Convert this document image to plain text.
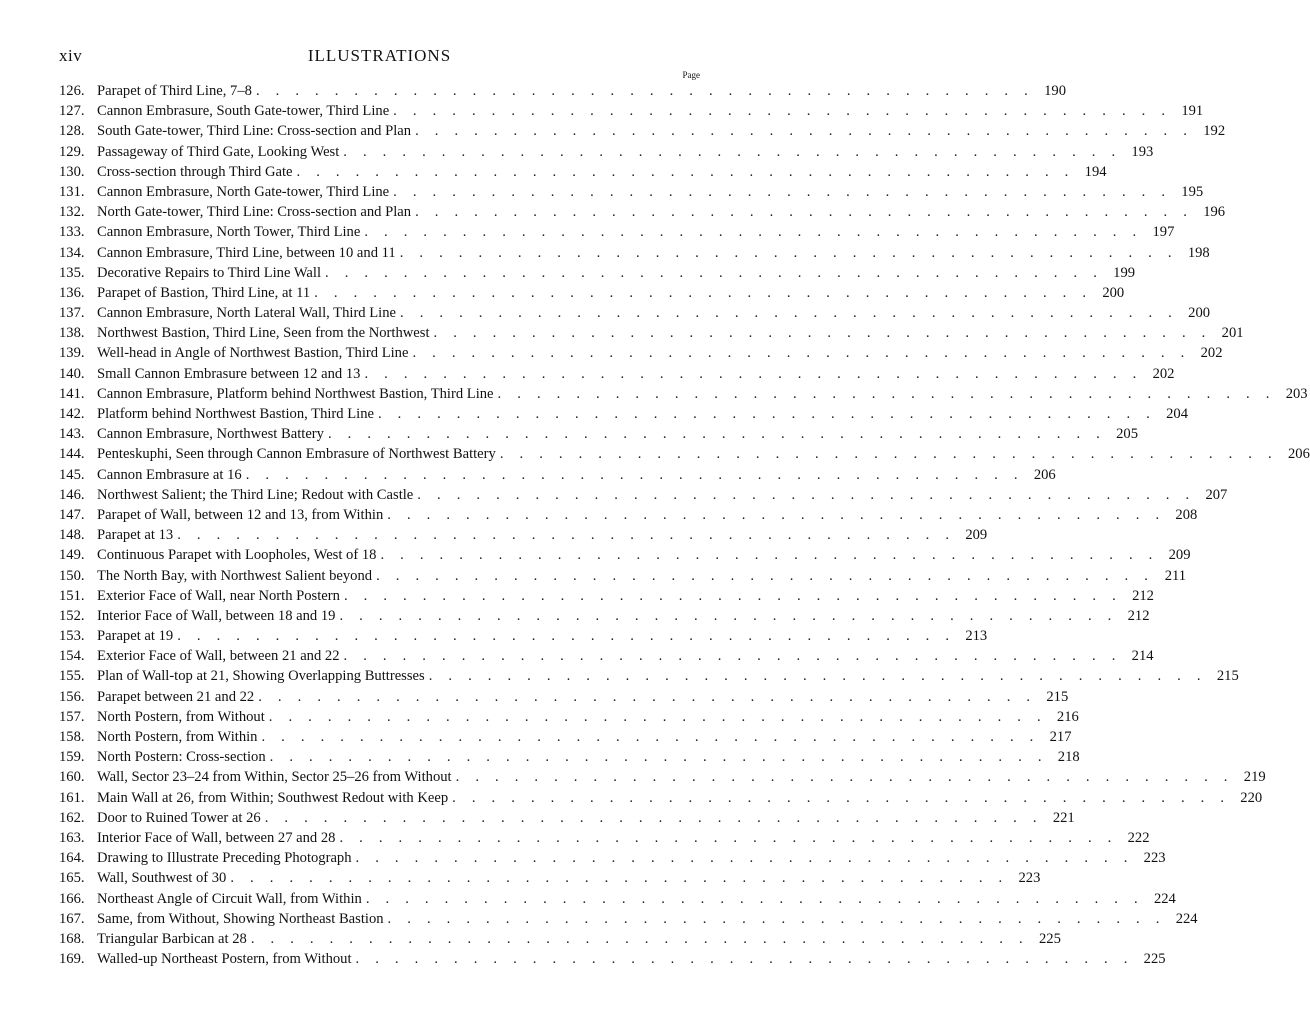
xiv	ILLUSTRATIONS
Page
126. Parapet of Third Line, 7–8 . . . . . . . . . . . . . . . . . . . . . . . . . . . . . . . . . . . . . . . . 190
127. Cannon Embrasure, South Gate-tower, Third Line . . . . . . . . . . . . . . . . . . . . . . . . . . . . . . . . . . . . . . . . 191
128. South Gate-tower, Third Line: Cross-section and Plan . . . . . . . . . . . . . . . . . . . . . . . . . . . . . . . . . . . . . . . . 192
129. Passageway of Third Gate, Looking West . . . . . . . . . . . . . . . . . . . . . . . . . . . . . . . . . . . . . . . . 193
130. Cross-section through Third Gate . . . . . . . . . . . . . . . . . . . . . . . . . . . . . . . . . . . . . . . . 194
131. Cannon Embrasure, North Gate-tower, Third Line . . . . . . . . . . . . . . . . . . . . . . . . . . . . . . . . . . . . . . . . 195
132. North Gate-tower, Third Line: Cross-section and Plan . . . . . . . . . . . . . . . . . . . . . . . . . . . . . . . . . . . . . . . . 196
133. Cannon Embrasure, North Tower, Third Line . . . . . . . . . . . . . . . . . . . . . . . . . . . . . . . . . . . . . . . . 197
134. Cannon Embrasure, Third Line, between 10 and 11 . . . . . . . . . . . . . . . . . . . . . . . . . . . . . . . . . . . . . . . . 198
135. Decorative Repairs to Third Line Wall . . . . . . . . . . . . . . . . . . . . . . . . . . . . . . . . . . . . . . . . 199
136. Parapet of Bastion, Third Line, at 11 . . . . . . . . . . . . . . . . . . . . . . . . . . . . . . . . . . . . . . . . 200
137. Cannon Embrasure, North Lateral Wall, Third Line . . . . . . . . . . . . . . . . . . . . . . . . . . . . . . . . . . . . . . . . 200
138. Northwest Bastion, Third Line, Seen from the Northwest . . . . . . . . . . . . . . . . . . . . . . . . . . . . . . . . . . . . . . . . 201
139. Well-head in Angle of Northwest Bastion, Third Line . . . . . . . . . . . . . . . . . . . . . . . . . . . . . . . . . . . . . . . . 202
140. Small Cannon Embrasure between 12 and 13 . . . . . . . . . . . . . . . . . . . . . . . . . . . . . . . . . . . . . . . . 202
141. Cannon Embrasure, Platform behind Northwest Bastion, Third Line . . . . . . . . . . . . . . . . . . . . . . . . . . . . . . . . . . . . . . . . 203
142. Platform behind Northwest Bastion, Third Line . . . . . . . . . . . . . . . . . . . . . . . . . . . . . . . . . . . . . . . . 204
143. Cannon Embrasure, Northwest Battery . . . . . . . . . . . . . . . . . . . . . . . . . . . . . . . . . . . . . . . . 205
144. Penteskuphi, Seen through Cannon Embrasure of Northwest Battery . . . . . . . . . . . . . . . . . . . . . . . . . . . . . . . . . . . . . . . . 206
145. Cannon Embrasure at 16 . . . . . . . . . . . . . . . . . . . . . . . . . . . . . . . . . . . . . . . . 206
146. Northwest Salient; the Third Line; Redout with Castle . . . . . . . . . . . . . . . . . . . . . . . . . . . . . . . . . . . . . . . . 207
147. Parapet of Wall, between 12 and 13, from Within . . . . . . . . . . . . . . . . . . . . . . . . . . . . . . . . . . . . . . . . 208
148. Parapet at 13 . . . . . . . . . . . . . . . . . . . . . . . . . . . . . . . . . . . . . . . . 209
149. Continuous Parapet with Loopholes, West of 18 . . . . . . . . . . . . . . . . . . . . . . . . . . . . . . . . . . . . . . . . 209
150. The North Bay, with Northwest Salient beyond . . . . . . . . . . . . . . . . . . . . . . . . . . . . . . . . . . . . . . . . 211
151. Exterior Face of Wall, near North Postern . . . . . . . . . . . . . . . . . . . . . . . . . . . . . . . . . . . . . . . . 212
152. Interior Face of Wall, between 18 and 19 . . . . . . . . . . . . . . . . . . . . . . . . . . . . . . . . . . . . . . . . 212
153. Parapet at 19 . . . . . . . . . . . . . . . . . . . . . . . . . . . . . . . . . . . . . . . . 213
154. Exterior Face of Wall, between 21 and 22 . . . . . . . . . . . . . . . . . . . . . . . . . . . . . . . . . . . . . . . . 214
155. Plan of Wall-top at 21, Showing Overlapping Buttresses . . . . . . . . . . . . . . . . . . . . . . . . . . . . . . . . . . . . . . . . 215
156. Parapet between 21 and 22 . . . . . . . . . . . . . . . . . . . . . . . . . . . . . . . . . . . . . . . . 215
157. North Postern, from Without . . . . . . . . . . . . . . . . . . . . . . . . . . . . . . . . . . . . . . . . 216
158. North Postern, from Within . . . . . . . . . . . . . . . . . . . . . . . . . . . . . . . . . . . . . . . . 217
159. North Postern: Cross-section . . . . . . . . . . . . . . . . . . . . . . . . . . . . . . . . . . . . . . . . 218
160. Wall, Sector 23–24 from Within, Sector 25–26 from Without . . . . . . . . . . . . . . . . . . . . . . . . . . . . . . . . . . . . . . . . 219
161. Main Wall at 26, from Within; Southwest Redout with Keep . . . . . . . . . . . . . . . . . . . . . . . . . . . . . . . . . . . . . . . . 220
162. Door to Ruined Tower at 26 . . . . . . . . . . . . . . . . . . . . . . . . . . . . . . . . . . . . . . . . 221
163. Interior Face of Wall, between 27 and 28 . . . . . . . . . . . . . . . . . . . . . . . . . . . . . . . . . . . . . . . . 222
164. Drawing to Illustrate Preceding Photograph . . . . . . . . . . . . . . . . . . . . . . . . . . . . . . . . . . . . . . . . 223
165. Wall, Southwest of 30 . . . . . . . . . . . . . . . . . . . . . . . . . . . . . . . . . . . . . . . . 223
166. Northeast Angle of Circuit Wall, from Within . . . . . . . . . . . . . . . . . . . . . . . . . . . . . . . . . . . . . . . . 224
167. Same, from Without, Showing Northeast Bastion . . . . . . . . . . . . . . . . . . . . . . . . . . . . . . . . . . . . . . . . 224
168. Triangular Barbican at 28 . . . . . . . . . . . . . . . . . . . . . . . . . . . . . . . . . . . . . . . . 225
169. Walled-up Northeast Postern, from Without . . . . . . . . . . . . . . . . . . . . . . . . . . . . . . . . . . . . . . . . 225
